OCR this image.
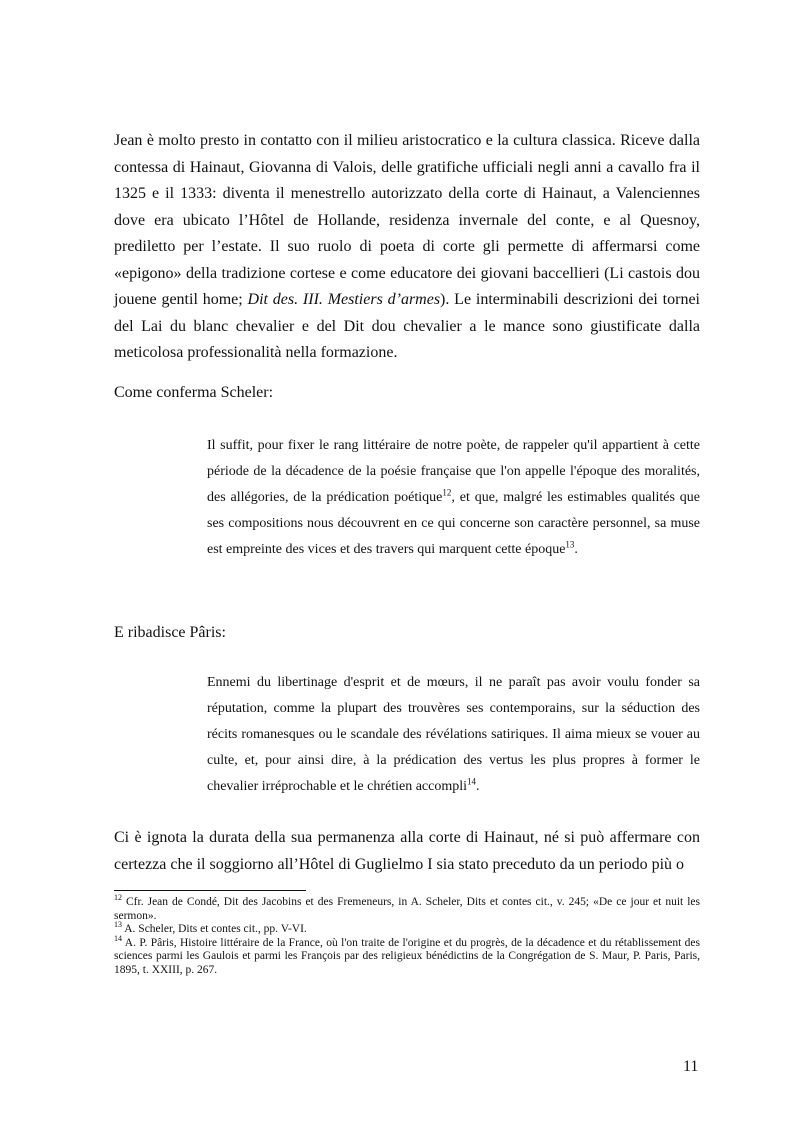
Jean è molto presto in contatto con il milieu aristocratico e la cultura classica. Riceve dalla contessa di Hainaut, Giovanna di Valois, delle gratifiche ufficiali negli anni a cavallo fra il 1325 e il 1333: diventa il menestrello autorizzato della corte di Hainaut, a Valenciennes dove era ubicato l’Hôtel de Hollande, residenza invernale del conte, e al Quesnoy, prediletto per l’estate. Il suo ruolo di poeta di corte gli permette di affermarsi come «epigono» della tradizione cortese e come educatore dei giovani baccellieri (Li castois dou jouene gentil home; Dit des. III. Mestiers d’armes). Le interminabili descrizioni dei tornei del Lai du blanc chevalier e del Dit dou chevalier a le mance sono giustificate dalla meticolosa professionalità nella formazione.

Come conferma Scheler:

Il suffit, pour fixer le rang littéraire de notre poète, de rappeler qu'il appartient à cette période de la décadence de la poésie française que l'on appelle l'époque des moralités, des allégories, de la prédication poétique$^{12}$, et que, malgré les estimables qualités que ses compositions nous découvrent en ce qui concerne son caractère personnel, sa muse est empreinte des vices et des travers qui marquent cette époque$^{13}$.

E ribadisce Pâris:

Ennemi du libertinage d'esprit et de mœurs, il ne paraît pas avoir voulu fonder sa réputation, comme la plupart des trouvères ses contemporains, sur la séduction des récits romanesques ou le scandale des révélations satiriques. Il aima mieux se vouer au culte, et, pour ainsi dire, à la prédication des vertus les plus propres à former le chevalier irréprochable et le chrétien accompli$^{14}$.

Ci è ignota la durata della sua permanenza alla corte di Hainaut, né si può affermare con certezza che il soggiorno all’Hôtel di Guglielmo I sia stato preceduto da un periodo più o

$^{12}$ Cfr. Jean de Condé, Dit des Jacobins et des Fremeneurs, in A. Scheler, Dits et contes cit., v. 245; «De ce jour et nuit les sermon».

$^{13}$ A. Scheler, Dits et contes cit., pp. V-VI.

$^{14}$ A. P. Pâris, Histoire littéraire de la France, où l'on traite de l'origine et du progrès, de la décadence et du rétablissement des sciences parmi les Gaulois et parmi les François par des religieux bénédictins de la Congrégation de S. Maur, P. Paris, Paris, 1895, t. XXIII, p. 267.

11
